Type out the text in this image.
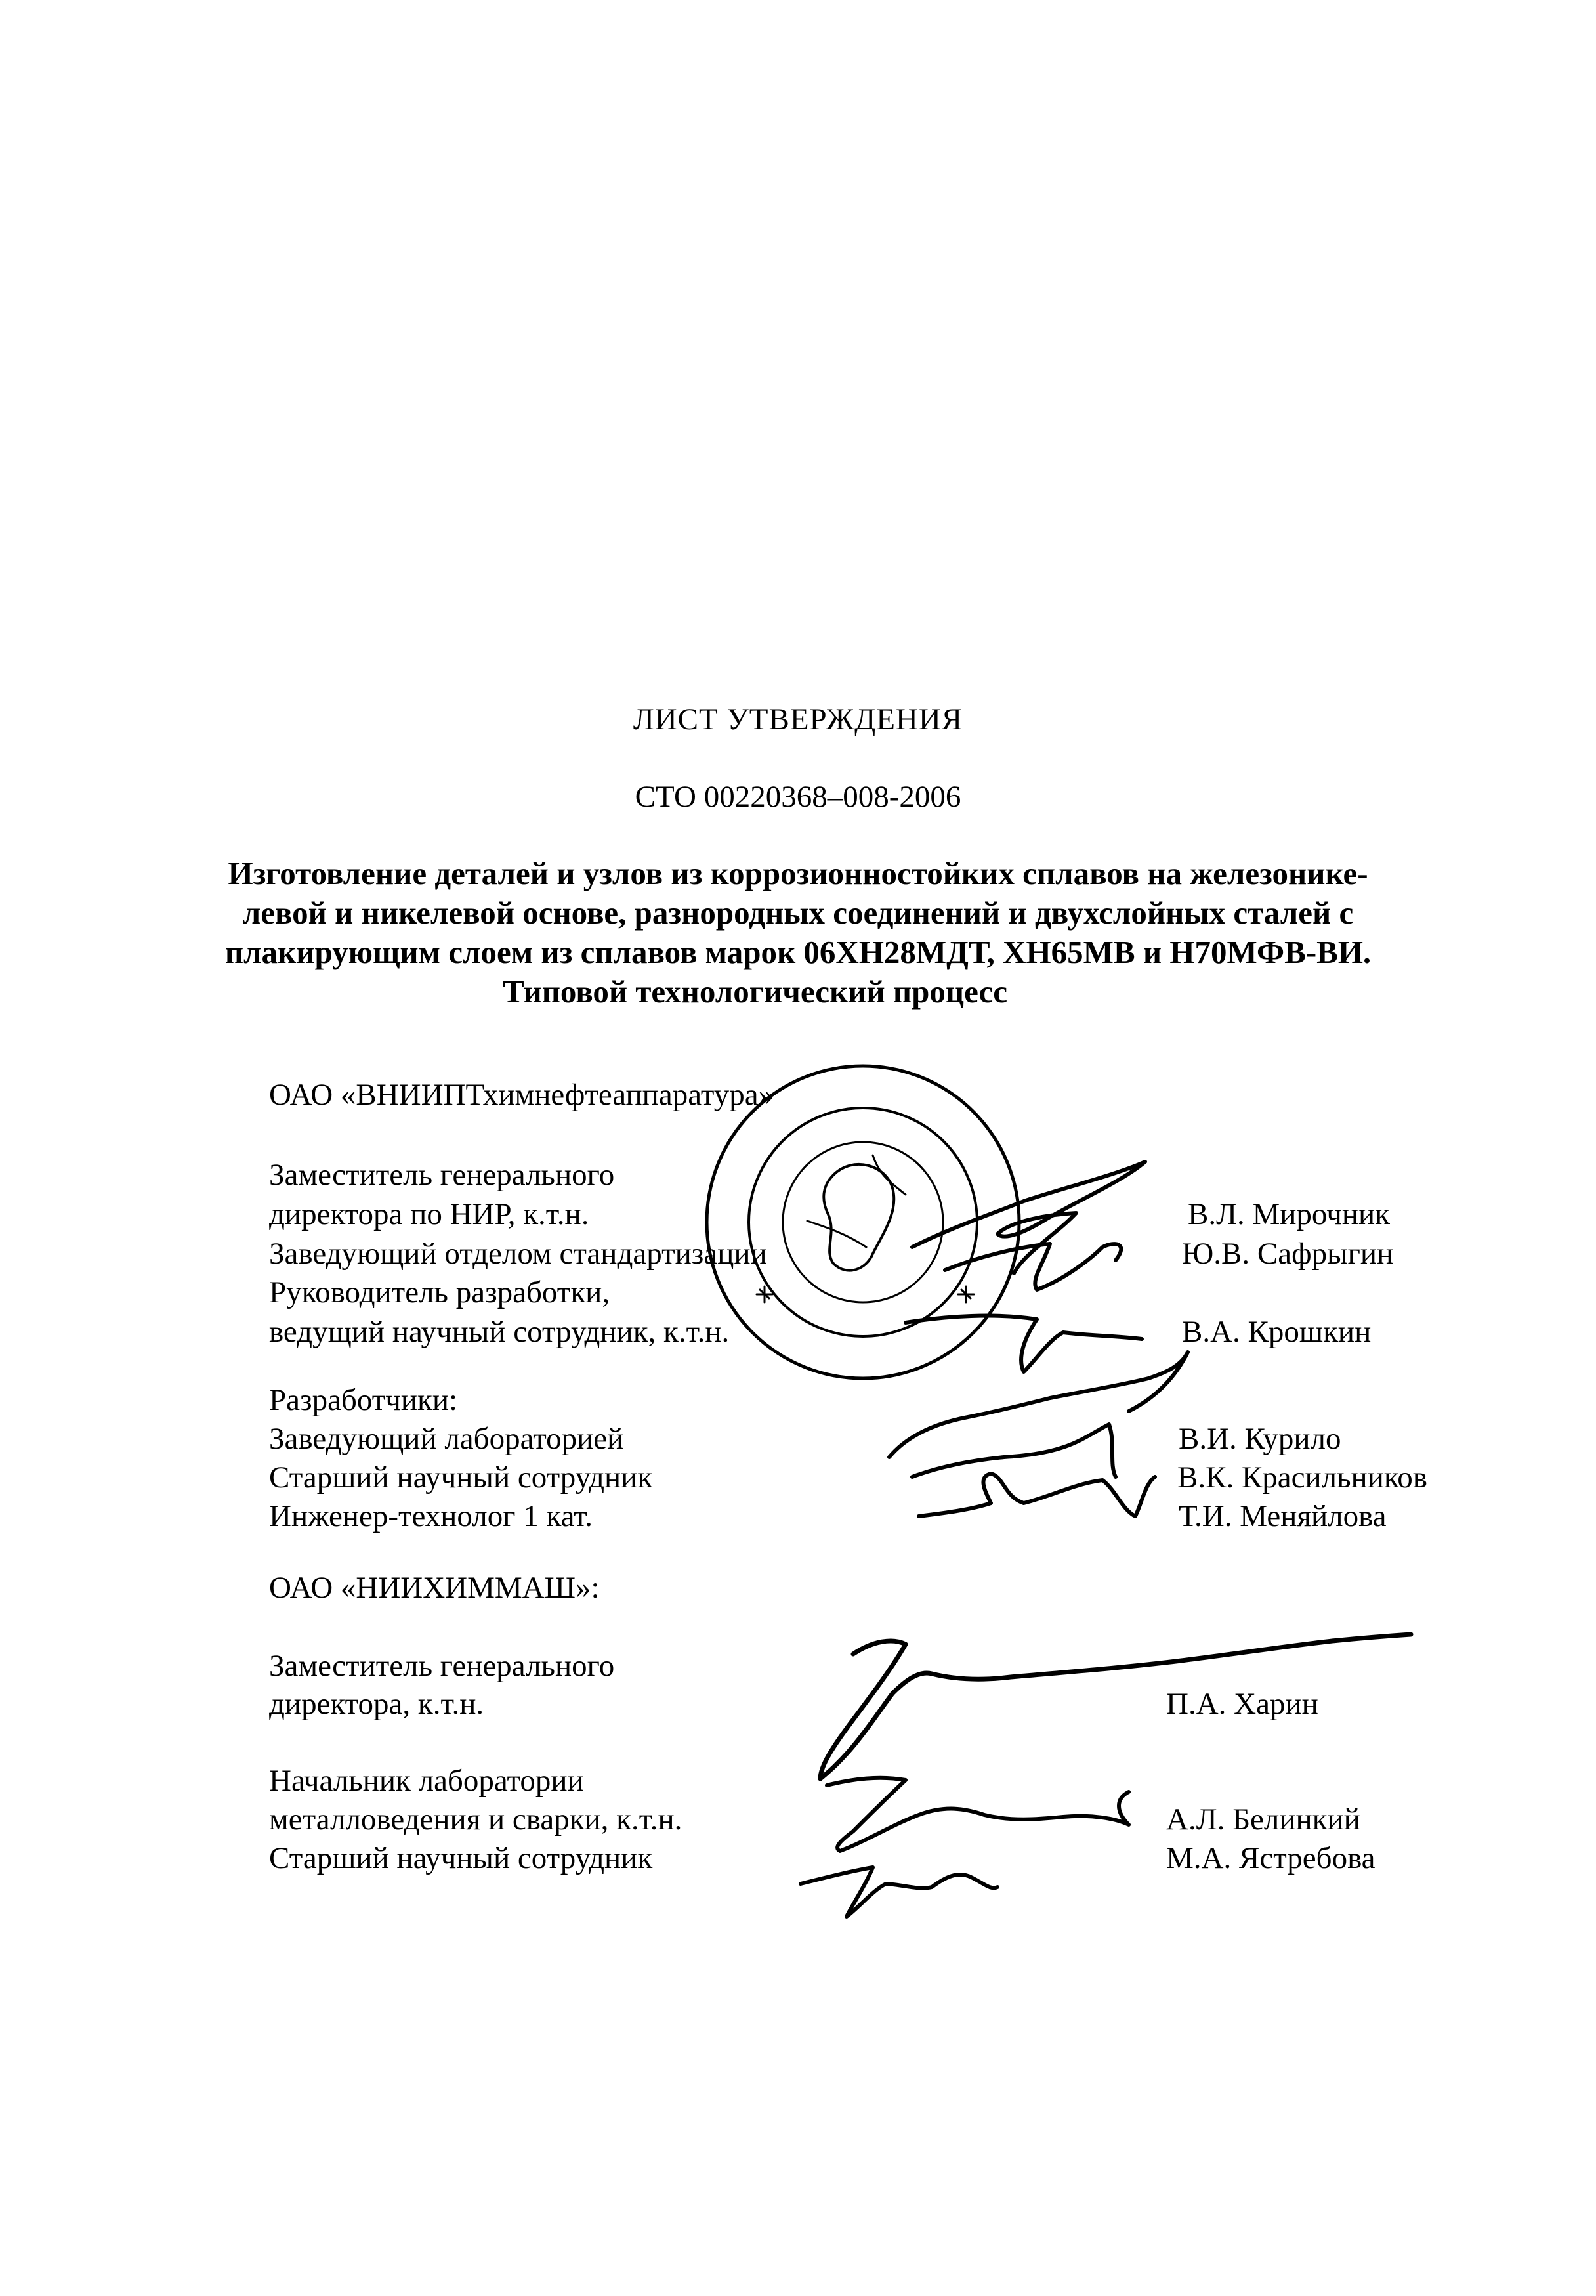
ЛИСТ УТВЕРЖДЕНИЯ
СТО 00220368–008-2006
Изготовление деталей и узлов из коррозионностойких сплавов на железонике-
левой и никелевой основе, разнородных соединений и двухслойных сталей с
плакирующим слоем из сплавов марок 06ХН28МДТ, ХН65МВ и Н70МФВ-ВИ.
Типовой технологический процесс
ОАО «ВНИИПТхимнефтеаппаратура»
Заместитель генерального
директора по НИР, к.т.н.
Заведующий отделом стандартизации
Руководитель разработки,
ведущий научный сотрудник, к.т.н.
В.Л. Мирочник
Ю.В. Сафрыгин
В.А. Крошкин
Разработчики:
Заведующий лабораторией
Старший научный сотрудник
Инженер-технолог 1 кат.
В.И. Курило
В.К. Красильников
Т.И. Меняйлова
ОАО «НИИХИММАШ»:
Заместитель генерального
директора, к.т.н.
Начальник лаборатории
металловедения и сварки, к.т.н.
Старший научный сотрудник
П.А. Харин
А.Л. Белинкий
М.А. Ястребова
